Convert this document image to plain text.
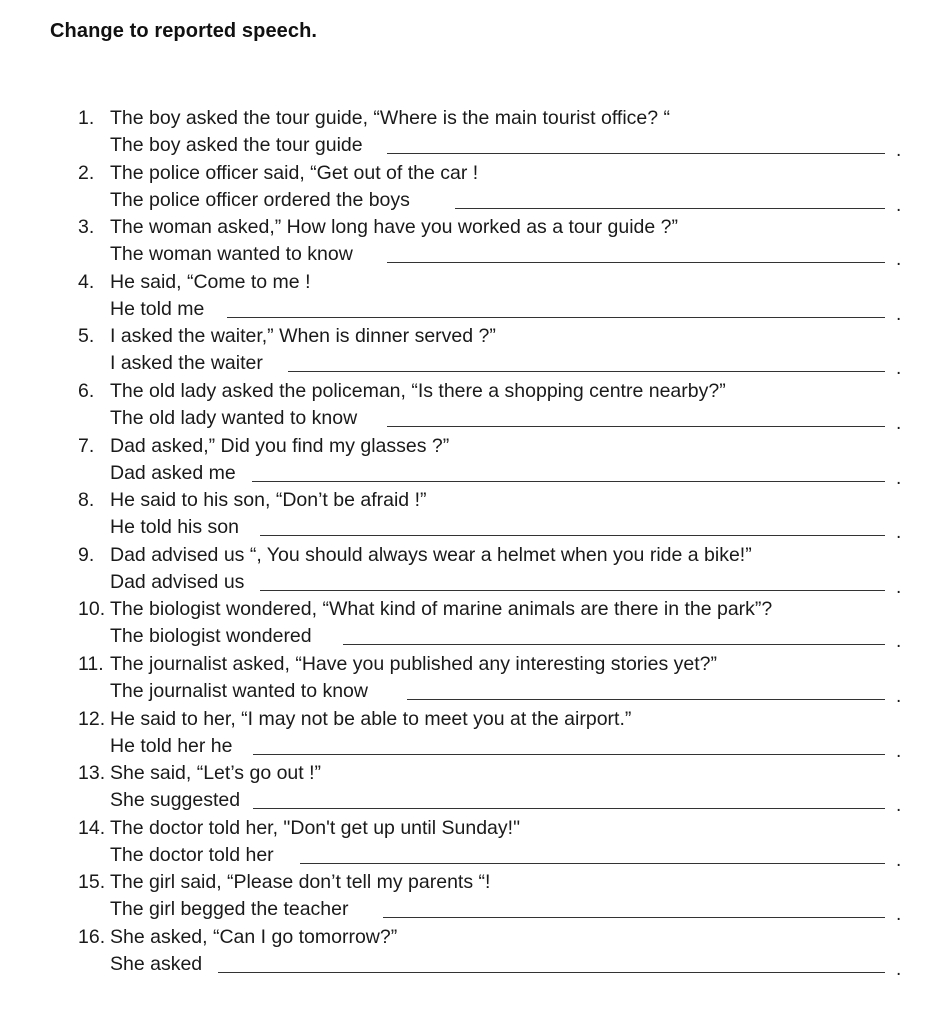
Change to reported speech.
1. The boy asked the tour guide, “Where is the main tourist office? “
The boy asked the tour guide	.
2. The police officer said, “Get out of the car !
The police officer ordered the boys	.
3. The woman asked,” How long have you worked as a tour guide ?”
The woman wanted to know	.
4. He said, “Come to me !
He told me	.
5. I asked the waiter,” When is dinner served ?”
I asked the waiter	.
6. The old lady asked the policeman, “Is there a shopping centre nearby?”
The old lady wanted to know	.
7. Dad asked,” Did you find my glasses ?”
Dad asked me	.
8. He said to his son, “Don’t be afraid !”
He told his son	.
9. Dad advised us “, You should always wear a helmet when you ride a bike!”
Dad advised us	.
10. The biologist wondered, “What kind of marine animals are there in the park”?
The biologist wondered	.
11. The journalist asked, “Have you published any interesting stories yet?”
The journalist wanted to know	.
12. He said to her, “I may not be able to meet you at the airport.”
He told her he	.
13. She said, “Let’s go out !”
She suggested	.
14. The doctor told her, "Don't get up until Sunday!"
The doctor told her	.
15. The girl said, “Please don’t tell my parents “!
The girl begged the teacher	.
16. She asked, “Can I go tomorrow?”
She asked	.
